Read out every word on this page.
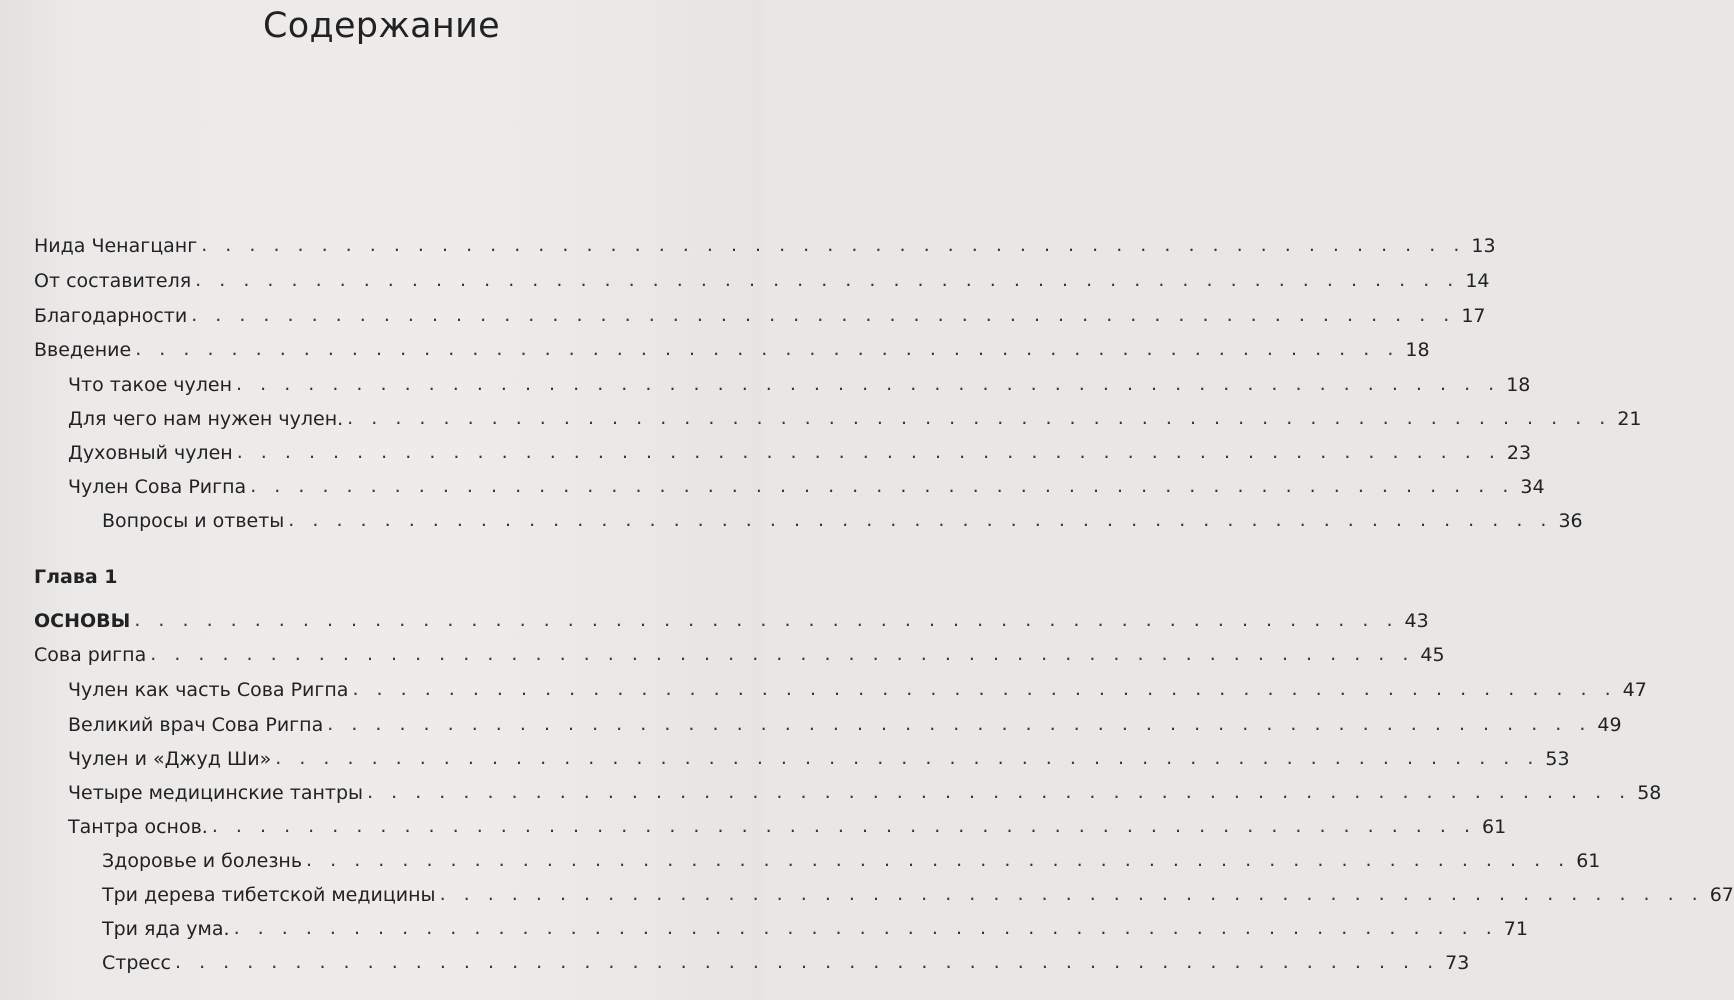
Содержание
Нида Ченагцанг . . . . . . . . . . . . . . . . . . . . . . . . . . . . . . . . . . . . . . . . . . . . . . . . . . . . . 13
От составителя . . . . . . . . . . . . . . . . . . . . . . . . . . . . . . . . . . . . . . . . . . . . . . . . . . . . . 14
Благодарности . . . . . . . . . . . . . . . . . . . . . . . . . . . . . . . . . . . . . . . . . . . . . . . . . . . . . 17
Введение . . . . . . . . . . . . . . . . . . . . . . . . . . . . . . . . . . . . . . . . . . . . . . . . . . . . . 18
Что такое чулен . . . . . . . . . . . . . . . . . . . . . . . . . . . . . . . . . . . . . . . . . . . . . . . . . . . . . 18
Для чего нам нужен чулен. . . . . . . . . . . . . . . . . . . . . . . . . . . . . . . . . . . . . . . . . . . . . . . . . . . . . . 21
Духовный чулен . . . . . . . . . . . . . . . . . . . . . . . . . . . . . . . . . . . . . . . . . . . . . . . . . . . . . 23
Чулен Сова Ригпа . . . . . . . . . . . . . . . . . . . . . . . . . . . . . . . . . . . . . . . . . . . . . . . . . . . . . 34
Вопросы и ответы . . . . . . . . . . . . . . . . . . . . . . . . . . . . . . . . . . . . . . . . . . . . . . . . . . . . . 36
Глава 1
ОСНОВЫ . . . . . . . . . . . . . . . . . . . . . . . . . . . . . . . . . . . . . . . . . . . . . . . . . . . . . 43
Сова ригпа . . . . . . . . . . . . . . . . . . . . . . . . . . . . . . . . . . . . . . . . . . . . . . . . . . . . . 45
Чулен как часть Сова Ригпа . . . . . . . . . . . . . . . . . . . . . . . . . . . . . . . . . . . . . . . . . . . . . . . . . . . . . 47
Великий врач Сова Ригпа . . . . . . . . . . . . . . . . . . . . . . . . . . . . . . . . . . . . . . . . . . . . . . . . . . . . . 49
Чулен и «Джуд Ши» . . . . . . . . . . . . . . . . . . . . . . . . . . . . . . . . . . . . . . . . . . . . . . . . . . . . . 53
Четыре медицинские тантры . . . . . . . . . . . . . . . . . . . . . . . . . . . . . . . . . . . . . . . . . . . . . . . . . . . . . 58
Тантра основ. . . . . . . . . . . . . . . . . . . . . . . . . . . . . . . . . . . . . . . . . . . . . . . . . . . . . . 61
Здоровье и болезнь . . . . . . . . . . . . . . . . . . . . . . . . . . . . . . . . . . . . . . . . . . . . . . . . . . . . . 61
Три дерева тибетской медицины . . . . . . . . . . . . . . . . . . . . . . . . . . . . . . . . . . . . . . . . . . . . . . . . . . . . . 67
Три яда ума. . . . . . . . . . . . . . . . . . . . . . . . . . . . . . . . . . . . . . . . . . . . . . . . . . . . . . 71
Стресс . . . . . . . . . . . . . . . . . . . . . . . . . . . . . . . . . . . . . . . . . . . . . . . . . . . . . 73
